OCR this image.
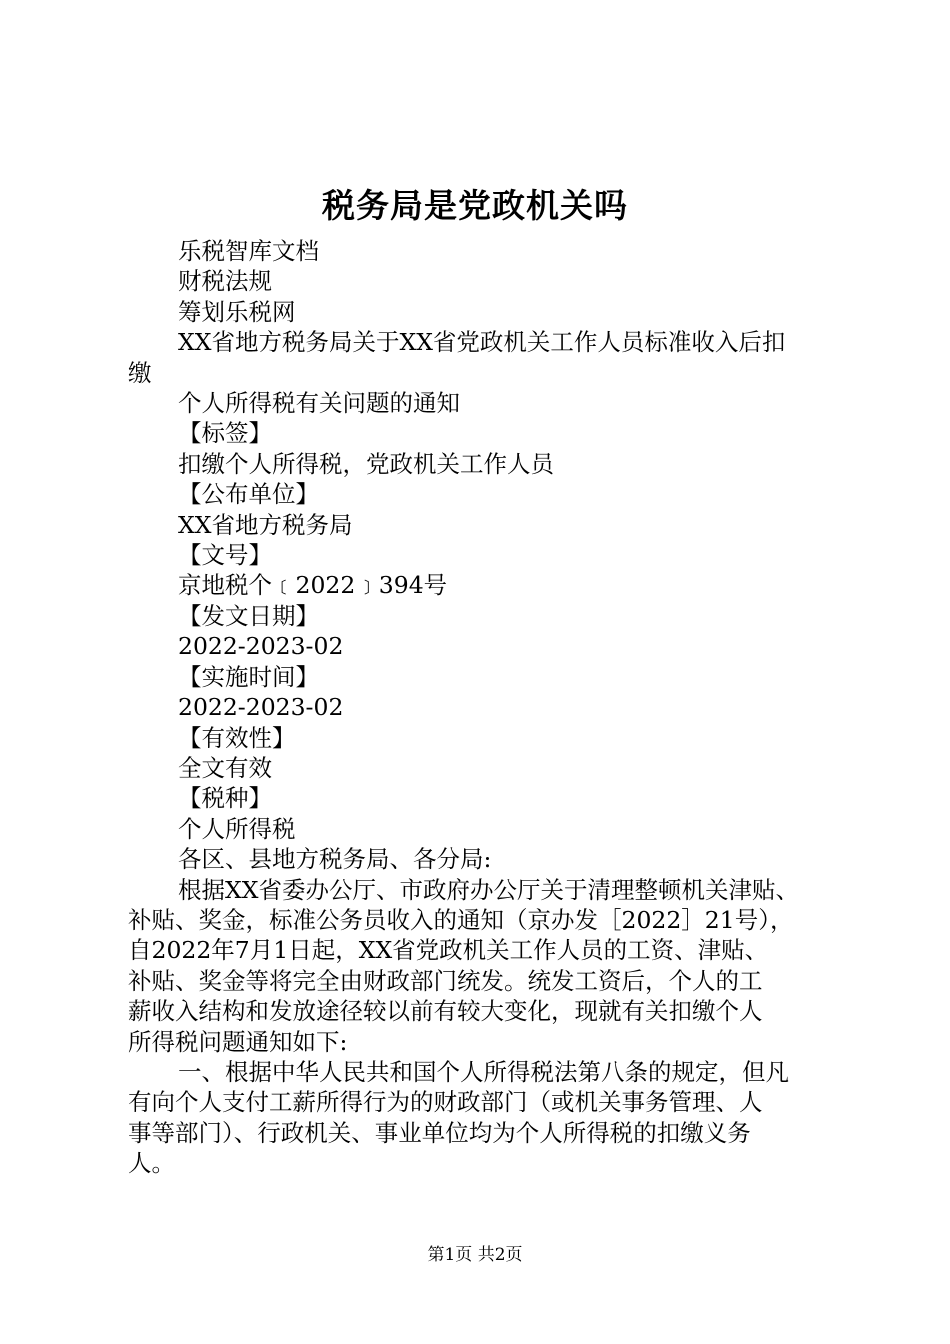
税务局是党政机关吗
乐税智库文档
财税法规
筹划乐税网
XX省地方税务局关于XX省党政机关工作人员标准收入后扣
缴
个人所得税有关问题的通知
【标签】
扣缴个人所得税，党政机关工作人员
【公布单位】
XX省地方税务局
【文号】
京地税个﹝2022﹞394号
【发文日期】
2022-2023-02
【实施时间】
2022-2023-02
【有效性】
全文有效
【税种】
个人所得税
各区、县地方税务局、各分局:
根据XX省委办公厅、市政府办公厅关于清理整顿机关津贴、
补贴、奖金，标准公务员收入的通知（京办发［2022］21号），
自2022年7月1日起，XX省党政机关工作人员的工资、津贴、
补贴、奖金等将完全由财政部门统发。统发工资后，个人的工
薪收入结构和发放途径较以前有较大变化，现就有关扣缴个人
所得税问题通知如下:
一、根据中华人民共和国个人所得税法第八条的规定，但凡
有向个人支付工薪所得行为的财政部门（或机关事务管理、人
事等部门）、行政机关、事业单位均为个人所得税的扣缴义务
人。
第1页 共2页
